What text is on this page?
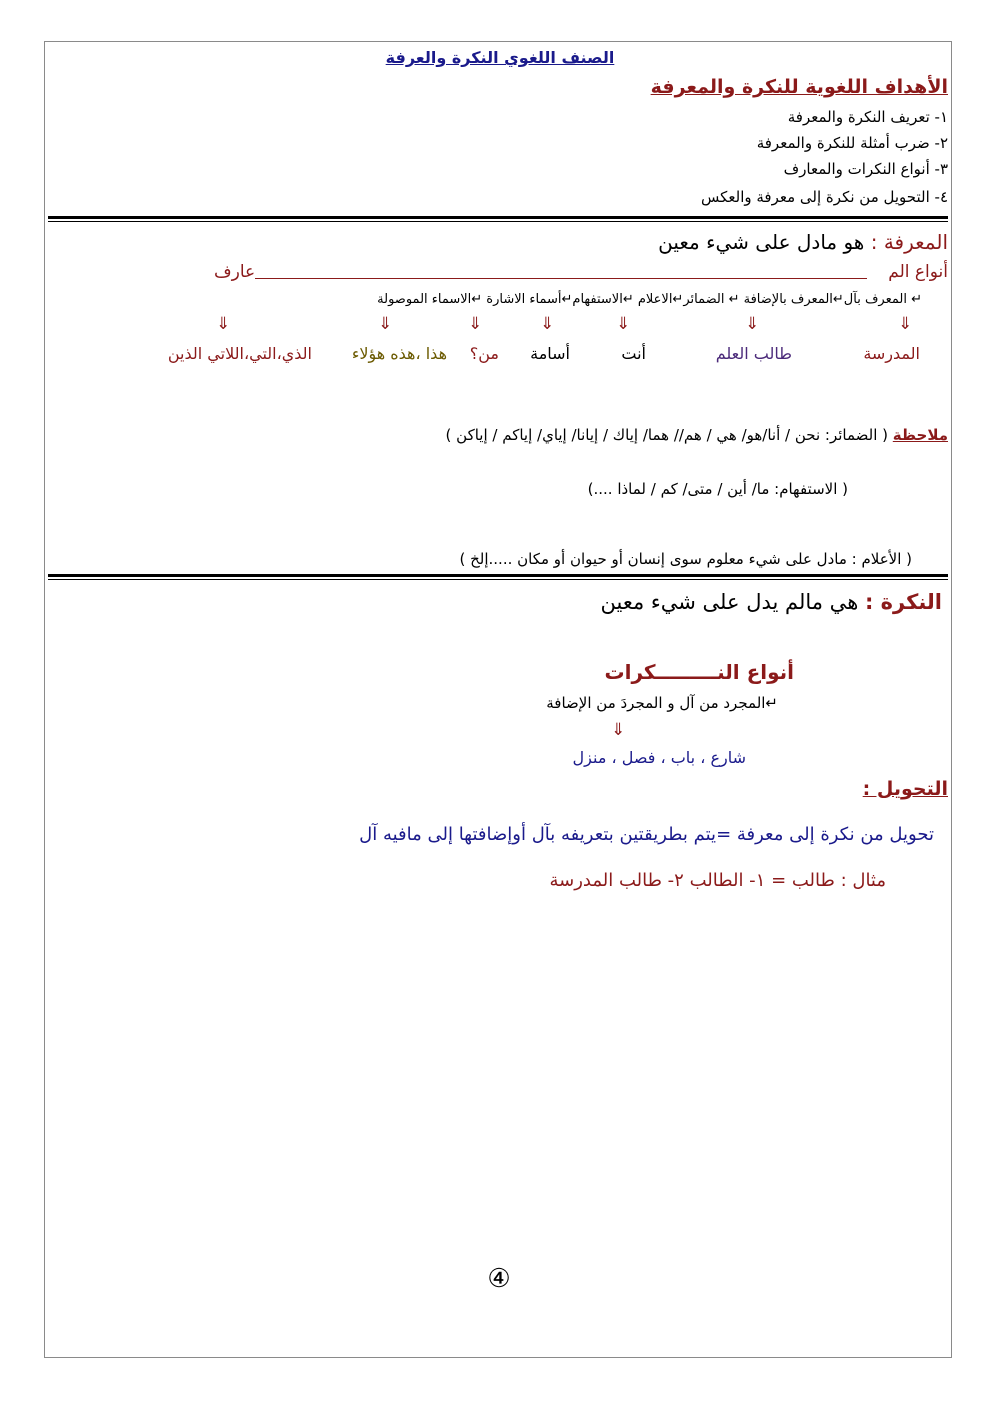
الصنف اللغوي النكرة والعرفة
الأهداف اللغوية للنكرة والمعرفة
١- تعريف النكرة والمعرفة
٢- ضرب أمثلة للنكرة والمعرفة
٣- أنواع النكرات والمعارف
٤- التحويل من نكرة إلى معرفة والعكس
المعرفة : هو مادل على شيء معين
أنواع الم
عارف
↵ المعرف بآل↵المعرف بالإضافة ↵ الضمائر↵الاعلام ↵الاستفهام↵أسماء الاشارة ↵الاسماء الموصولة
⇓
⇓
⇓
⇓
⇓
⇓
⇓
المدرسة
طالب العلم
أنت
أسامة
من؟
هذا ،هذه هؤلاء
الذي،التي،اللاتي الذين
ملاحظة ( الضمائر: نحن / أنا/هو/ هي / هم// هما/ إياك / إيانا/ إياي/ إياكم / إياكن )
( الاستفهام: ما/ أين / متى/ كم / لماذا ....)
( الأعلام : مادل على شيء معلوم سوى إنسان أو حيوان أو مكان .....إلخ )
النكرة : هي مالم يدل على شيء معين
أنواع النـــــــــكرات
↵المجرد من آل و المجردَ من الإضافة
⇓
شارع ، باب ، فصل ، منزل
التحويل :
تحويل من نكرة إلى معرفة =يتم بطريقتين بتعريفه بآل أوإضافتها إلى مافيه آل
مثال : طالب = ١- الطالب ٢- طالب المدرسة
④
